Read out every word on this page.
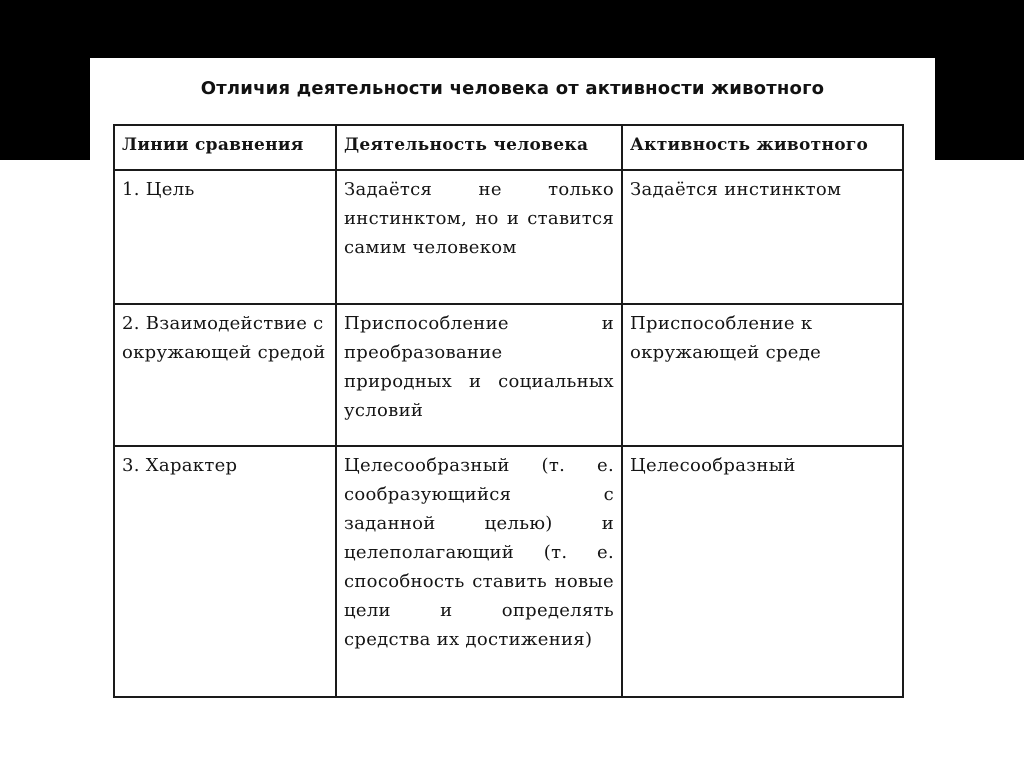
Отличия деятельности человека от активности животного
Линии сравнения	Деятельность человека	Активность животного
1. Цель	Задаётся не только инстинктом, но и ставится самим человеком	Задаётся инстинктом
2. Взаимодействие с окружающей средой	Приспособление и преобразование природных и социальных условий	Приспособление к окружающей среде
3. Характер	Целесообразный (т. е. сообразующийся с заданной целью) и целеполагающий (т. е. способность ставить новые цели и определять средства их достижения)	Целесообразный
